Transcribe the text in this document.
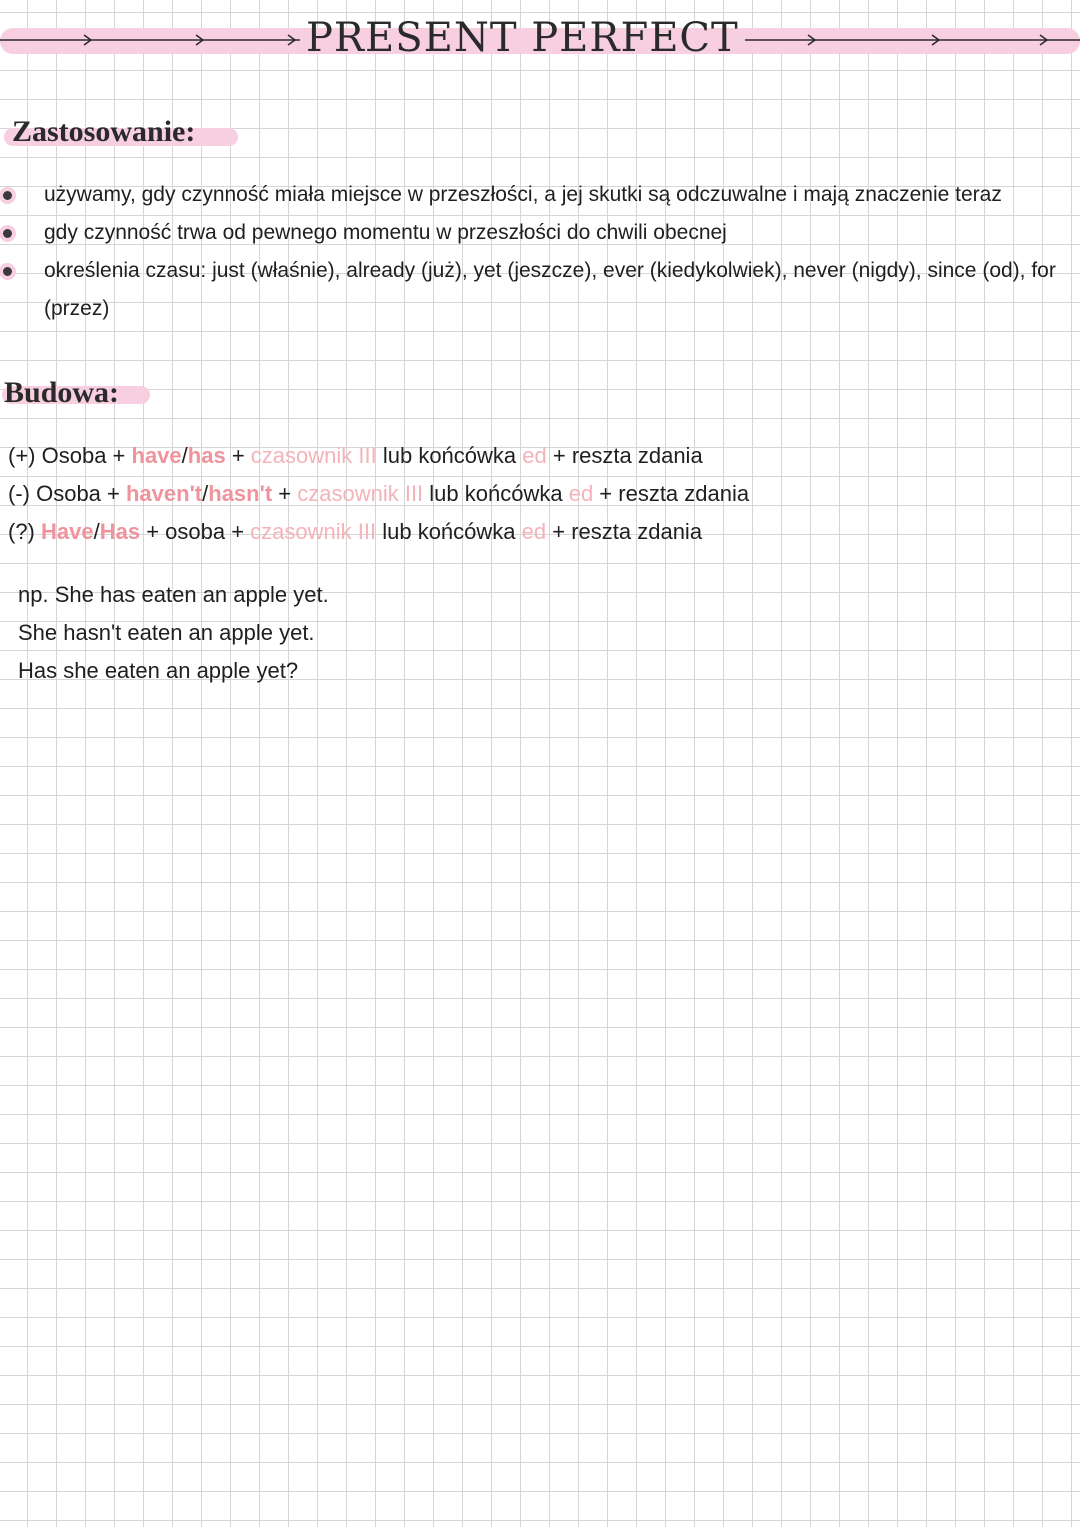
PRESENT PERFECT
Zastosowanie:
używamy, gdy czynność miała miejsce w przeszłości, a jej skutki są odczuwalne i mają znaczenie teraz
gdy czynność trwa od pewnego momentu w przeszłości do chwili obecnej
określenia czasu: just (właśnie), already (już), yet (jeszcze), ever (kiedykolwiek), never (nigdy), since (od), for (przez)
Budowa:
(+) Osoba + have/has + czasownik III lub końcówka ed + reszta zdania
(-) Osoba + haven't/hasn't + czasownik III lub końcówka ed + reszta zdania
(?) Have/Has + osoba + czasownik III lub końcówka ed + reszta zdania
np. She has eaten an apple yet.
She hasn't eaten an apple yet.
Has she eaten an apple yet?
